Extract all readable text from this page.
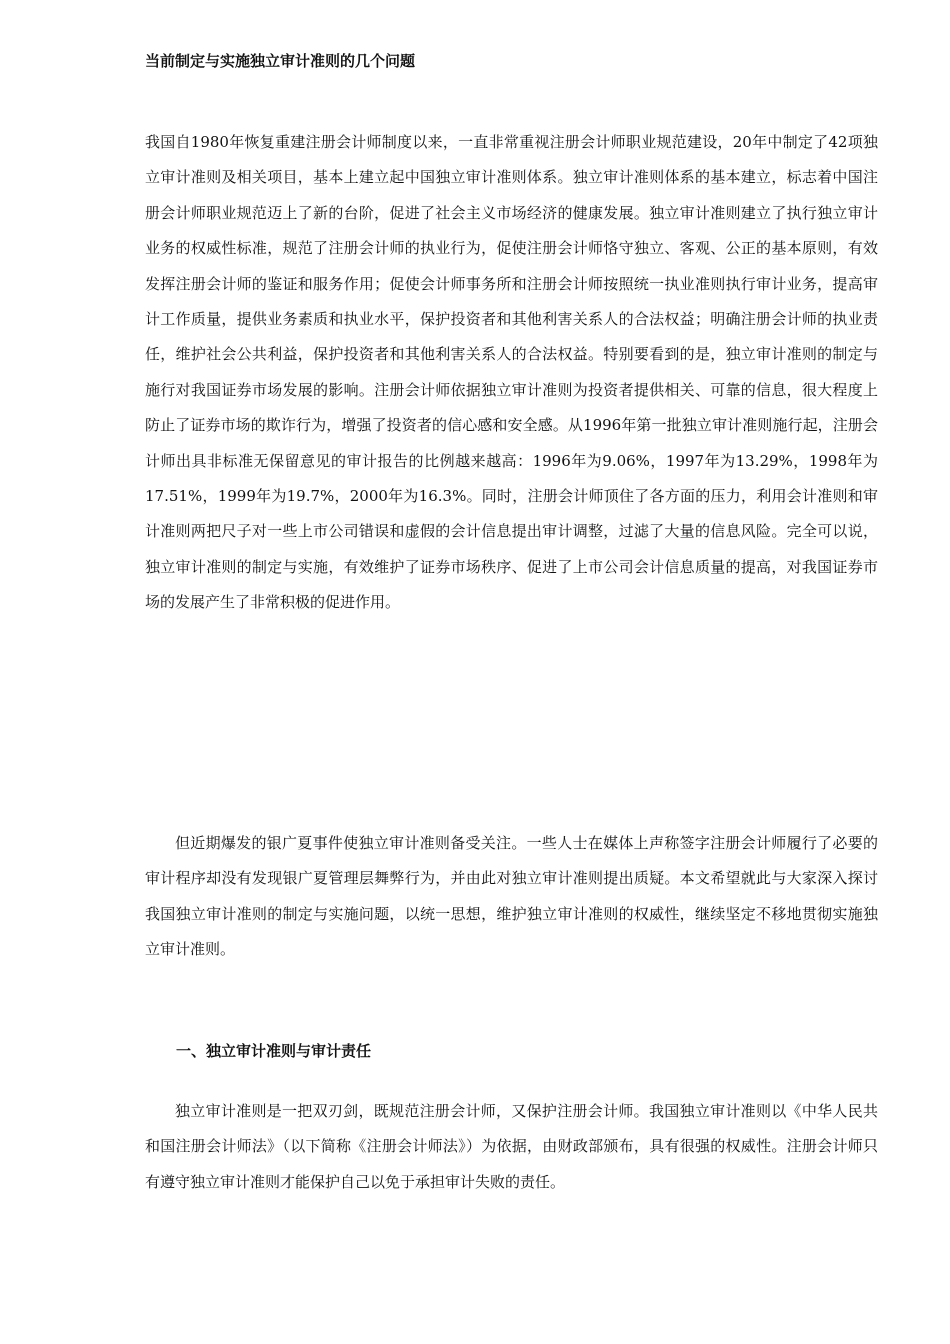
当前制定与实施独立审计准则的几个问题

我国自1980年恢复重建注册会计师制度以来，一直非常重视注册会计师职业规范建设，20年中制定了42项独立审计准则及相关项目，基本上建立起中国独立审计准则体系。独立审计准则体系的基本建立，标志着中国注册会计师职业规范迈上了新的台阶，促进了社会主义市场经济的健康发展。独立审计准则建立了执行独立审计业务的权威性标准，规范了注册会计师的执业行为，促使注册会计师恪守独立、客观、公正的基本原则，有效发挥注册会计师的鉴证和服务作用；促使会计师事务所和注册会计师按照统一执业准则执行审计业务，提高审计工作质量，提供业务素质和执业水平，保护投资者和其他利害关系人的合法权益；明确注册会计师的执业责任，维护社会公共利益，保护投资者和其他利害关系人的合法权益。特别要看到的是，独立审计准则的制定与施行对我国证券市场发展的影响。注册会计师依据独立审计准则为投资者提供相关、可靠的信息，很大程度上防止了证券市场的欺诈行为，增强了投资者的信心感和安全感。从1996年第一批独立审计准则施行起，注册会计师出具非标准无保留意见的审计报告的比例越来越高：1996年为9.06%，1997年为13.29%，1998年为17.51%，1999年为19.7%，2000年为16.3%。同时，注册会计师顶住了各方面的压力，利用会计准则和审计准则两把尺子对一些上市公司错误和虚假的会计信息提出审计调整，过滤了大量的信息风险。完全可以说，独立审计准则的制定与实施，有效维护了证券市场秩序、促进了上市公司会计信息质量的提高，对我国证券市场的发展产生了非常积极的促进作用。

但近期爆发的银广夏事件使独立审计准则备受关注。一些人士在媒体上声称签字注册会计师履行了必要的审计程序却没有发现银广夏管理层舞弊行为，并由此对独立审计准则提出质疑。本文希望就此与大家深入探讨我国独立审计准则的制定与实施问题，以统一思想，维护独立审计准则的权威性，继续坚定不移地贯彻实施独立审计准则。

一、独立审计准则与审计责任

独立审计准则是一把双刃剑，既规范注册会计师，又保护注册会计师。我国独立审计准则以《中华人民共和国注册会计师法》（以下简称《注册会计师法》）为依据，由财政部颁布，具有很强的权威性。注册会计师只有遵守独立审计准则才能保护自己以免于承担审计失败的责任。
